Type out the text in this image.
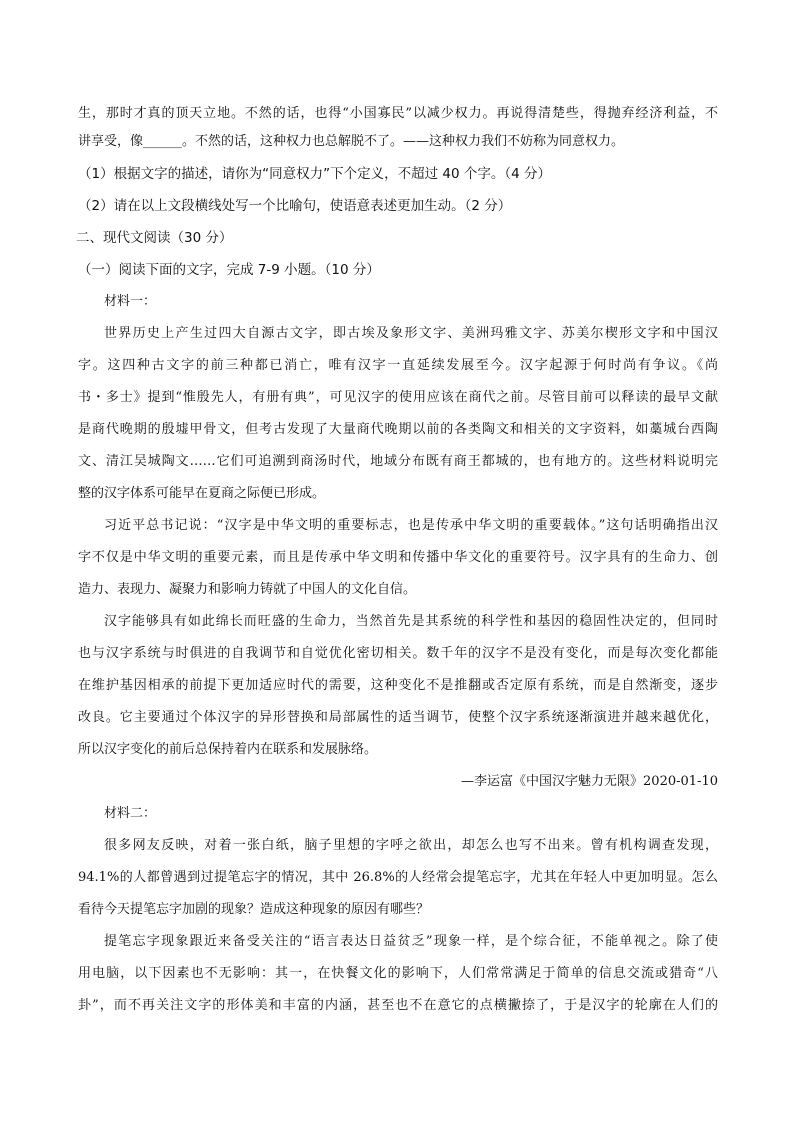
生，那时才真的顶天立地。不然的话，也得“小国寡民”以减少权力。再说得清楚些，得抛弃经济利益，不

讲享受，像______。不然的话，这种权力也总解脱不了。——这种权力我们不妨称为同意权力。

（1）根据文字的描述，请你为“同意权力”下个定义，不超过 40 个字。（4 分）

（2）请在以上文段横线处写一个比喻句，使语意表述更加生动。（2 分）

二、现代文阅读（30 分）

（一）阅读下面的文字，完成 7-9 小题。（10 分）

材料一：

世界历史上产生过四大自源古文字，即古埃及象形文字、美洲玛雅文字、苏美尔楔形文字和中国汉

字。这四种古文字的前三种都已消亡，唯有汉字一直延续发展至今。汉字起源于何时尚有争议。《尚

书・多士》提到“惟殷先人，有册有典”，可见汉字的使用应该在商代之前。尽管目前可以释读的最早文献

是商代晚期的殷墟甲骨文，但考古发现了大量商代晚期以前的各类陶文和相关的文字资料，如藁城台西陶

文、清江吴城陶文……它们可追溯到商汤时代，地域分布既有商王都城的，也有地方的。这些材料说明完

整的汉字体系可能早在夏商之际便已形成。

习近平总书记说：“汉字是中华文明的重要标志，也是传承中华文明的重要载体。”这句话明确指出汉

字不仅是中华文明的重要元素，而且是传承中华文明和传播中华文化的重要符号。汉字具有的生命力、创

造力、表现力、凝聚力和影响力铸就了中国人的文化自信。

汉字能够具有如此绵长而旺盛的生命力，当然首先是其系统的科学性和基因的稳固性决定的，但同时

也与汉字系统与时俱进的自我调节和自觉优化密切相关。数千年的汉字不是没有变化，而是每次变化都能

在维护基因相承的前提下更加适应时代的需要，这种变化不是推翻或否定原有系统，而是自然渐变，逐步

改良。它主要通过个体汉字的异形替换和局部属性的适当调节，使整个汉字系统逐渐演进并越来越优化，

所以汉字变化的前后总保持着内在联系和发展脉络。

—李运富《中国汉字魅力无限》2020-01-10

材料二：

很多网友反映，对着一张白纸，脑子里想的字呼之欲出，却怎么也写不出来。曾有机构调查发现，

94.1%的人都曾遇到过提笔忘字的情况，其中 26.8%的人经常会提笔忘字，尤其在年轻人中更加明显。怎么

看待今天提笔忘字加剧的现象？造成这种现象的原因有哪些？

提笔忘字现象跟近来备受关注的“语言表达日益贫乏”现象一样，是个综合征，不能单视之。除了使

用电脑，以下因素也不无影响：其一，在快餐文化的影响下，人们常常满足于简单的信息交流或猎奇“八

卦”，而不再关注文字的形体美和丰富的内涵，甚至也不在意它的点横撇捺了，于是汉字的轮廓在人们的
